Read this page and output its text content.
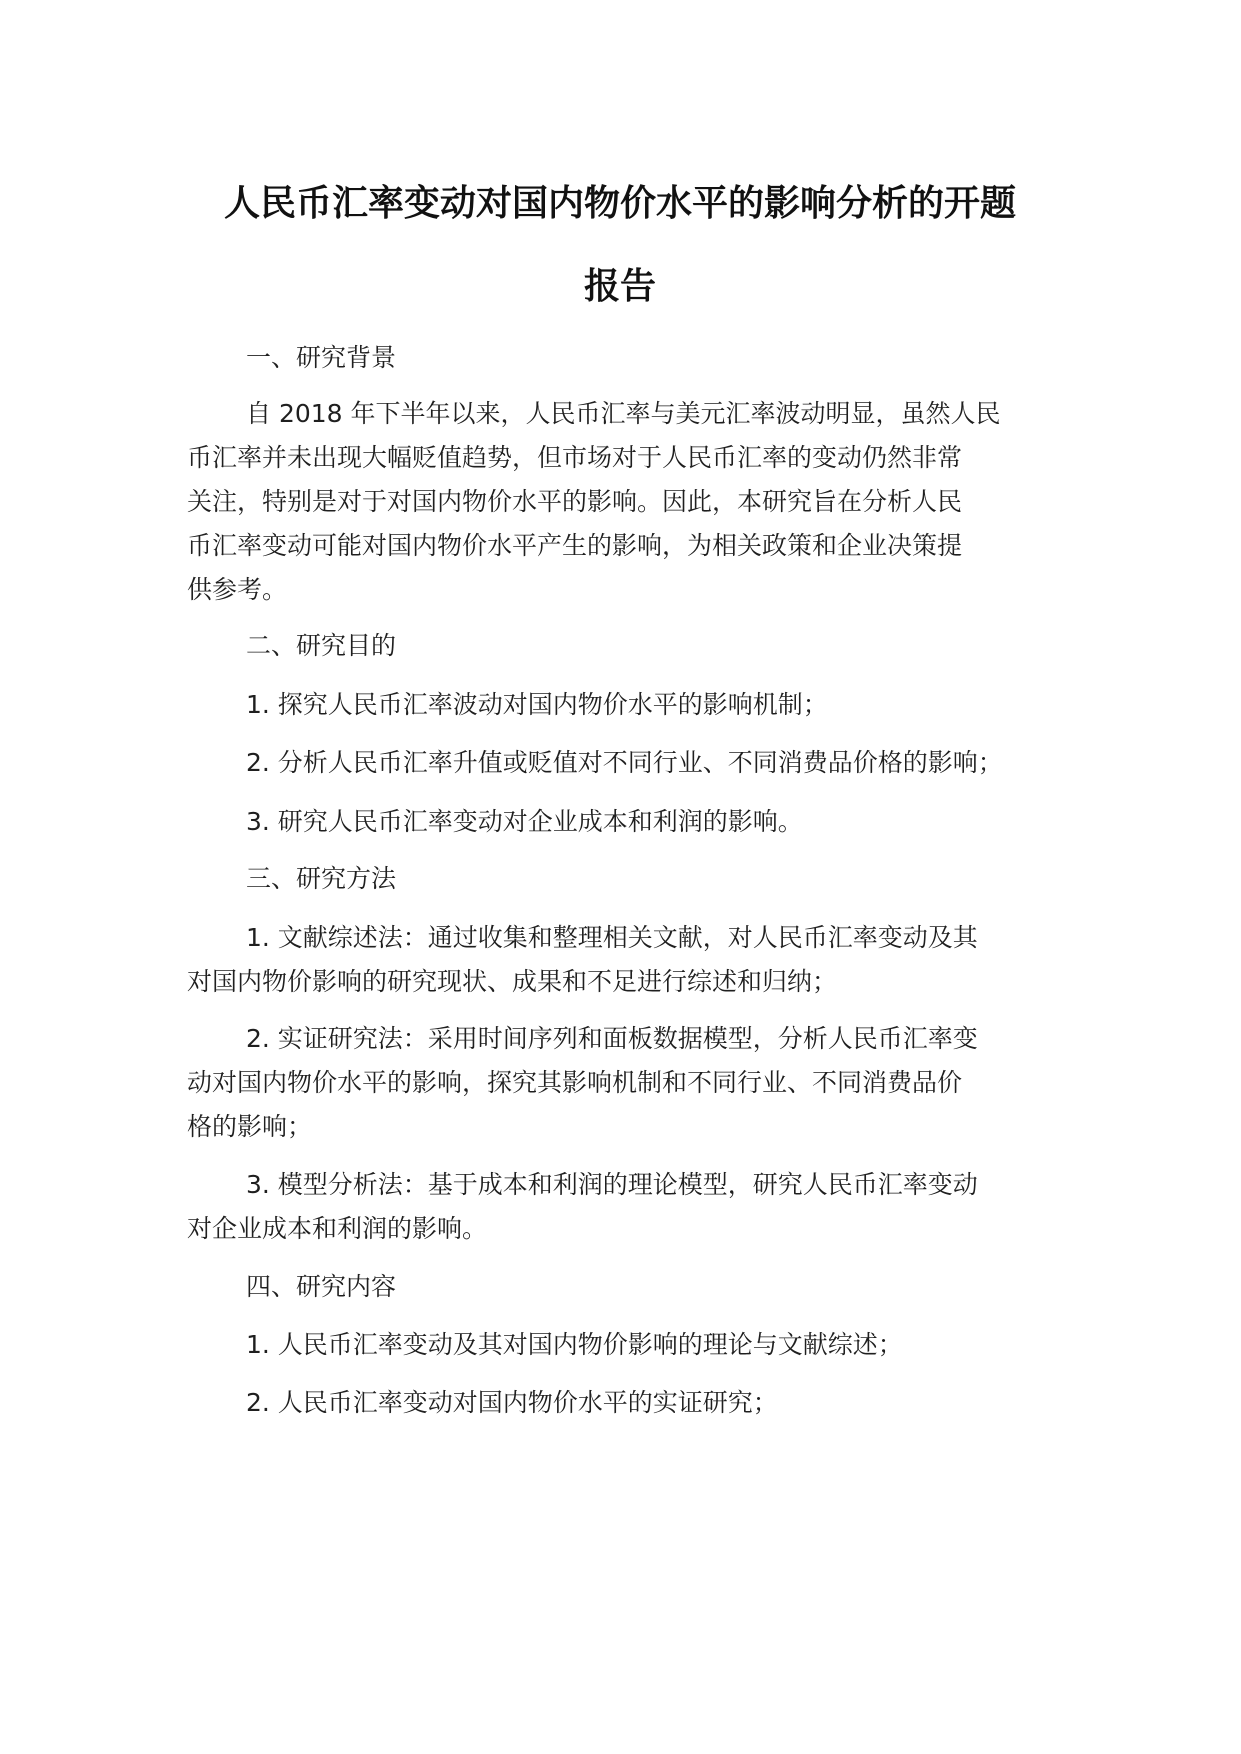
人民币汇率变动对国内物价水平的影响分析的开题
报告
一、研究背景
自 2018 年下半年以来，人民币汇率与美元汇率波动明显，虽然人民
币汇率并未出现大幅贬值趋势，但市场对于人民币汇率的变动仍然非常
关注，特别是对于对国内物价水平的影响。因此，本研究旨在分析人民
币汇率变动可能对国内物价水平产生的影响，为相关政策和企业决策提
供参考。
二、研究目的
1. 探究人民币汇率波动对国内物价水平的影响机制；
2. 分析人民币汇率升值或贬值对不同行业、不同消费品价格的影响；
3. 研究人民币汇率变动对企业成本和利润的影响。
三、研究方法
1. 文献综述法：通过收集和整理相关文献，对人民币汇率变动及其
对国内物价影响的研究现状、成果和不足进行综述和归纳；
2. 实证研究法：采用时间序列和面板数据模型，分析人民币汇率变
动对国内物价水平的影响，探究其影响机制和不同行业、不同消费品价
格的影响；
3. 模型分析法：基于成本和利润的理论模型，研究人民币汇率变动
对企业成本和利润的影响。
四、研究内容
1. 人民币汇率变动及其对国内物价影响的理论与文献综述；
2. 人民币汇率变动对国内物价水平的实证研究；
